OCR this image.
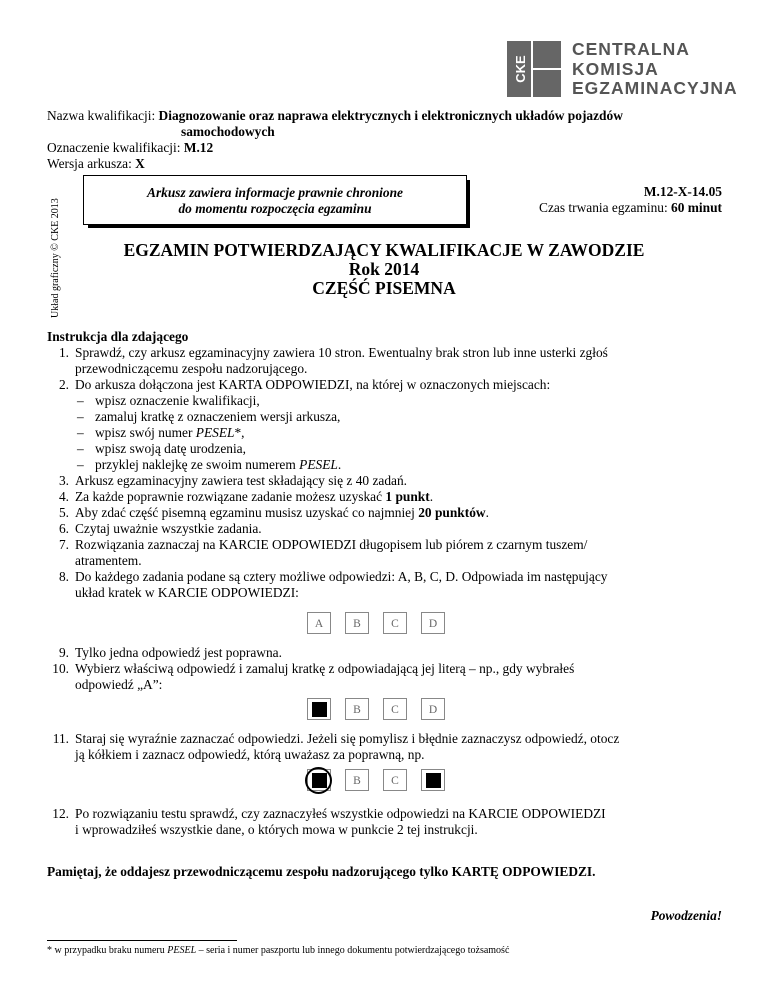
CKE
CENTRALNA
KOMISJA
EGZAMINACYJNA
Nazwa kwalifikacji: Diagnozowanie oraz naprawa elektrycznych i elektronicznych układów pojazdów
samochodowych
Oznaczenie kwalifikacji: M.12
Wersja arkusza: X
Układ graficzny © CKE 2013
Arkusz zawiera informacje prawnie chronione
do momentu rozpoczęcia egzaminu
M.12-X-14.05
Czas trwania egzaminu: 60 minut
EGZAMIN POTWIERDZAJĄCY KWALIFIKACJE W ZAWODZIE
Rok 2014
CZĘŚĆ PISEMNA
Instrukcja dla zdającego
1. Sprawdź, czy arkusz egzaminacyjny zawiera 10 stron. Ewentualny brak stron lub inne usterki zgłoś
przewodniczącemu zespołu nadzorującego.
2. Do arkusza dołączona jest KARTA ODPOWIEDZI, na której w oznaczonych miejscach:
– wpisz oznaczenie kwalifikacji,
– zamaluj kratkę z oznaczeniem wersji arkusza,
– wpisz swój numer PESEL*,
– wpisz swoją datę urodzenia,
– przyklej naklejkę ze swoim numerem PESEL.
3. Arkusz egzaminacyjny zawiera test składający się z 40 zadań.
4. Za każde poprawnie rozwiązane zadanie możesz uzyskać 1 punkt.
5. Aby zdać część pisemną egzaminu musisz uzyskać co najmniej 20 punktów.
6. Czytaj uważnie wszystkie zadania.
7. Rozwiązania zaznaczaj na KARCIE ODPOWIEDZI długopisem lub piórem z czarnym tuszem/
atramentem.
8. Do każdego zadania podane są cztery możliwe odpowiedzi: A, B, C, D. Odpowiada im następujący
układ kratek w KARCIE ODPOWIEDZI:
A	B	C	D
9. Tylko jedna odpowiedź jest poprawna.
10. Wybierz właściwą odpowiedź i zamaluj kratkę z odpowiadającą jej literą – np., gdy wybrałeś
odpowiedź „A”:
B	C	D
11. Staraj się wyraźnie zaznaczać odpowiedzi. Jeżeli się pomylisz i błędnie zaznaczysz odpowiedź, otocz
ją kółkiem i zaznacz odpowiedź, którą uważasz za poprawną, np.
B	C
12. Po rozwiązaniu testu sprawdź, czy zaznaczyłeś wszystkie odpowiedzi na KARCIE ODPOWIEDZI
i wprowadziłeś wszystkie dane, o których mowa w punkcie 2 tej instrukcji.
Pamiętaj, że oddajesz przewodniczącemu zespołu nadzorującego tylko KARTĘ ODPOWIEDZI.
Powodzenia!
* w przypadku braku numeru PESEL – seria i numer paszportu lub innego dokumentu potwierdzającego tożsamość
